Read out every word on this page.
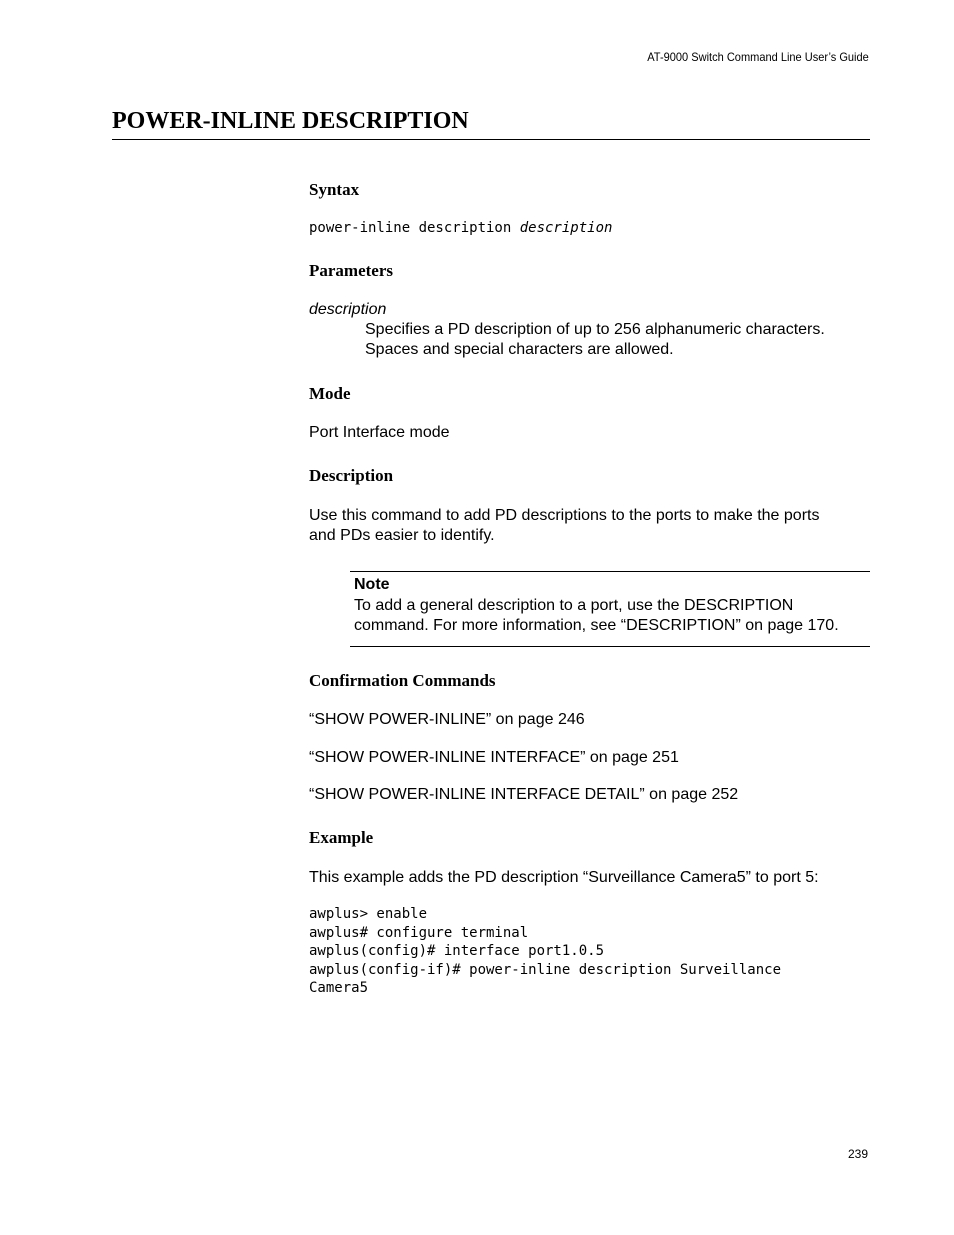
AT-9000 Switch Command Line User’s Guide
POWER-INLINE DESCRIPTION
Syntax

power-inline description description

Parameters

description

Specifies a PD description of up to 256 alphanumeric characters.

Spaces and special characters are allowed.

Mode

Port Interface mode

Description

Use this command to add PD descriptions to the ports to make the ports

and PDs easier to identify.

Note
To add a general description to a port, use the DESCRIPTION
command. For more information, see “DESCRIPTION” on page 170.
Confirmation Commands

“SHOW POWER-INLINE” on page 246

“SHOW POWER-INLINE INTERFACE” on page 251

“SHOW POWER-INLINE INTERFACE DETAIL” on page 252

Example

This example adds the PD description “Surveillance Camera5” to port 5:

awplus> enable
awplus# configure terminal
awplus(config)# interface port1.0.5
awplus(config-if)# power-inline description Surveillance
Camera5
239
